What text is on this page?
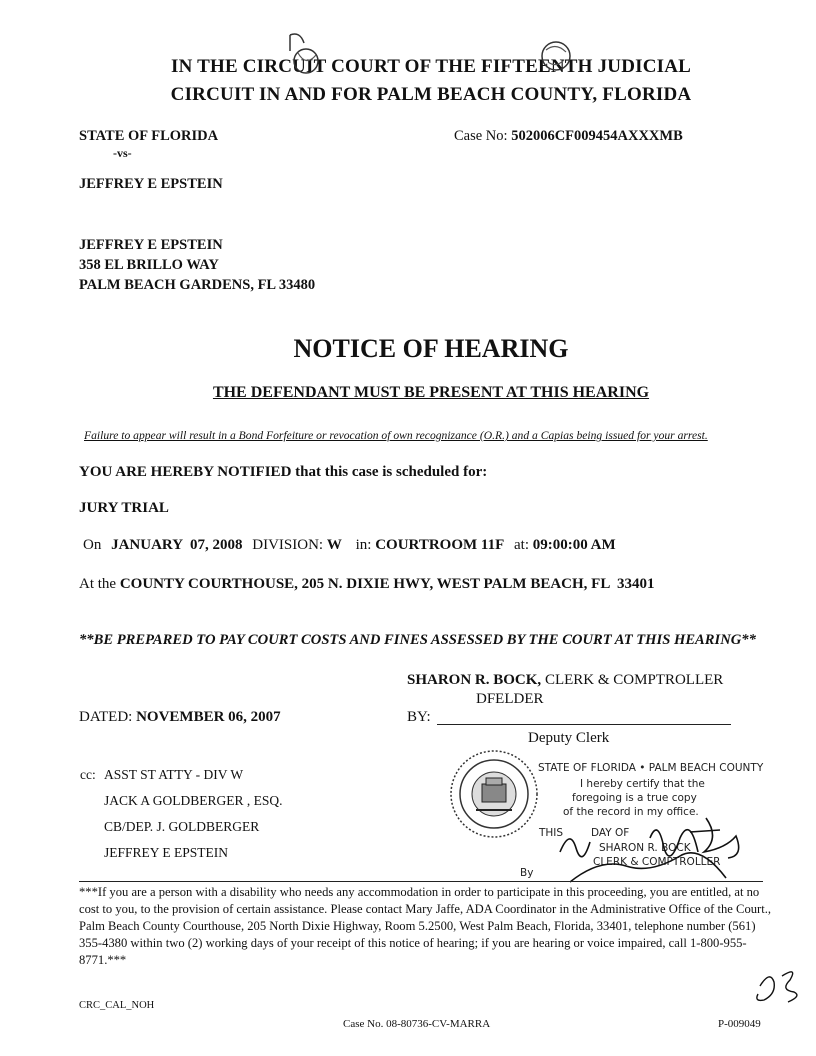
IN THE CIRCUIT COURT OF THE FIFTEENTH JUDICIAL
CIRCUIT IN AND FOR PALM BEACH COUNTY, FLORIDA
STATE OF FLORIDA
-vs-
JEFFREY E EPSTEIN
Case No: 502006CF009454AXXXMB
JEFFREY E EPSTEIN
358 EL BRILLO WAY
PALM BEACH GARDENS, FL 33480
NOTICE OF HEARING
THE DEFENDANT MUST BE PRESENT AT THIS HEARING
Failure to appear will result in a Bond Forfeiture or revocation of own recognizance (O.R.) and a Capias being issued for your arrest.
YOU ARE HEREBY NOTIFIED that this case is scheduled for:
JURY TRIAL
On JANUARY  07, 2008 DIVISION: W in: COURTROOM 11F at: 09:00:00 AM
At the COUNTY COURTHOUSE, 205 N. DIXIE HWY, WEST PALM BEACH, FL  33401
**BE PREPARED TO PAY COURT COSTS AND FINES ASSESSED BY THE COURT AT THIS HEARING**
SHARON R. BOCK, CLERK & COMPTROLLER
DFELDER
DATED: NOVEMBER 06, 2007	BY:
Deputy Clerk
cc: ASST ST ATTY - DIV W
JACK A GOLDBERGER , ESQ.
CB/DEP. J. GOLDBERGER
JEFFREY E EPSTEIN
STATE OF FLORIDA • PALM BEACH COUNTY
I hereby certify that the
foregoing is a true copy
of the record in my office.
THIS	DAY OF
SHARON R. BOCK
CLERK & COMPTROLLER
By
***If you are a person with a disability who needs any accommodation in order to participate in this proceeding, you are entitled, at no cost to you, to the provision of certain assistance. Please contact Mary Jaffe, ADA Coordinator in the Administrative Office of the Court., Palm Beach County Courthouse, 205 North Dixie Highway, Room 5.2500, West Palm Beach, Florida, 33401, telephone number (561) 355-4380 within two (2) working days of your receipt of this notice of hearing; if you are hearing or voice impaired, call 1-800-955-8771.***
CRC_CAL_NOH
Case No. 08-80736-CV-MARRA	P-009049
